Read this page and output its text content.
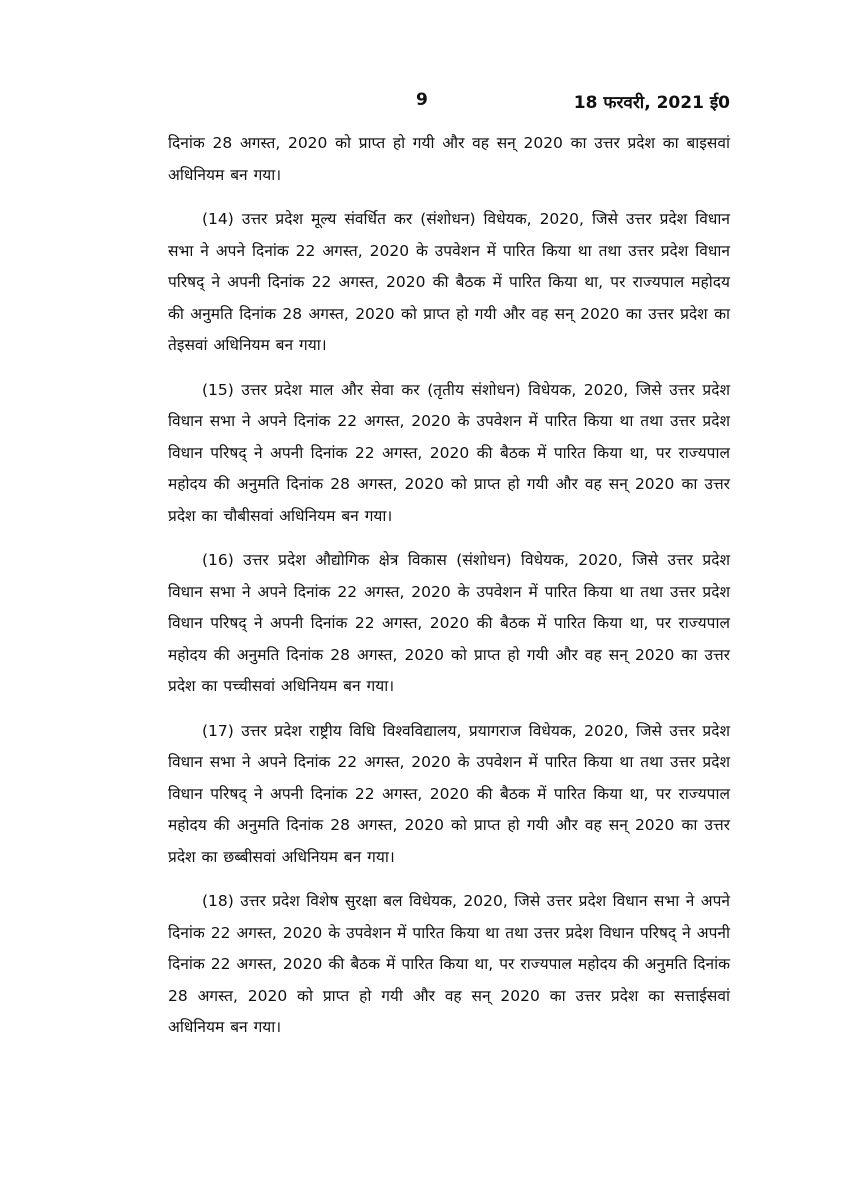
9	18 फरवरी, 2021 ई0

दिनांक 28 अगस्त, 2020 को प्राप्त हो गयी और वह सन् 2020 का उत्तर प्रदेश का बाइसवां अधिनियम बन गया।

(14) उत्तर प्रदेश मूल्य संवर्धित कर (संशोधन) विधेयक, 2020, जिसे उत्तर प्रदेश विधान सभा ने अपने दिनांक 22 अगस्त, 2020 के उपवेशन में पारित किया था तथा उत्तर प्रदेश विधान परिषद् ने अपनी दिनांक 22 अगस्त, 2020 की बैठक में पारित किया था, पर राज्यपाल महोदय की अनुमति दिनांक 28 अगस्त, 2020 को प्राप्त हो गयी और वह सन् 2020 का उत्तर प्रदेश का तेइसवां अधिनियम बन गया।

(15) उत्तर प्रदेश माल और सेवा कर (तृतीय संशोधन) विधेयक, 2020, जिसे उत्तर प्रदेश विधान सभा ने अपने दिनांक 22 अगस्त, 2020 के उपवेशन में पारित किया था तथा उत्तर प्रदेश विधान परिषद् ने अपनी दिनांक 22 अगस्त, 2020 की बैठक में पारित किया था, पर राज्यपाल महोदय की अनुमति दिनांक 28 अगस्त, 2020 को प्राप्त हो गयी और वह सन् 2020 का उत्तर प्रदेश का चौबीसवां अधिनियम बन गया।

(16) उत्तर प्रदेश औद्योगिक क्षेत्र विकास (संशोधन) विधेयक, 2020, जिसे उत्तर प्रदेश विधान सभा ने अपने दिनांक 22 अगस्त, 2020 के उपवेशन में पारित किया था तथा उत्तर प्रदेश विधान परिषद् ने अपनी दिनांक 22 अगस्त, 2020 की बैठक में पारित किया था, पर राज्यपाल महोदय की अनुमति दिनांक 28 अगस्त, 2020 को प्राप्त हो गयी और वह सन् 2020 का उत्तर प्रदेश का पच्चीसवां अधिनियम बन गया।

(17) उत्तर प्रदेश राष्ट्रीय विधि विश्वविद्यालय, प्रयागराज विधेयक, 2020, जिसे उत्तर प्रदेश विधान सभा ने अपने दिनांक 22 अगस्त, 2020 के उपवेशन में पारित किया था तथा उत्तर प्रदेश विधान परिषद् ने अपनी दिनांक 22 अगस्त, 2020 की बैठक में पारित किया था, पर राज्यपाल महोदय की अनुमति दिनांक 28 अगस्त, 2020 को प्राप्त हो गयी और वह सन् 2020 का उत्तर प्रदेश का छब्बीसवां अधिनियम बन गया।

(18) उत्तर प्रदेश विशेष सुरक्षा बल विधेयक, 2020, जिसे उत्तर प्रदेश विधान सभा ने अपने दिनांक 22 अगस्त, 2020 के उपवेशन में पारित किया था तथा उत्तर प्रदेश विधान परिषद् ने अपनी दिनांक 22 अगस्त, 2020 की बैठक में पारित किया था, पर राज्यपाल महोदय की अनुमति दिनांक 28 अगस्त, 2020 को प्राप्त हो गयी और वह सन् 2020 का उत्तर प्रदेश का सत्ताईसवां अधिनियम बन गया।
